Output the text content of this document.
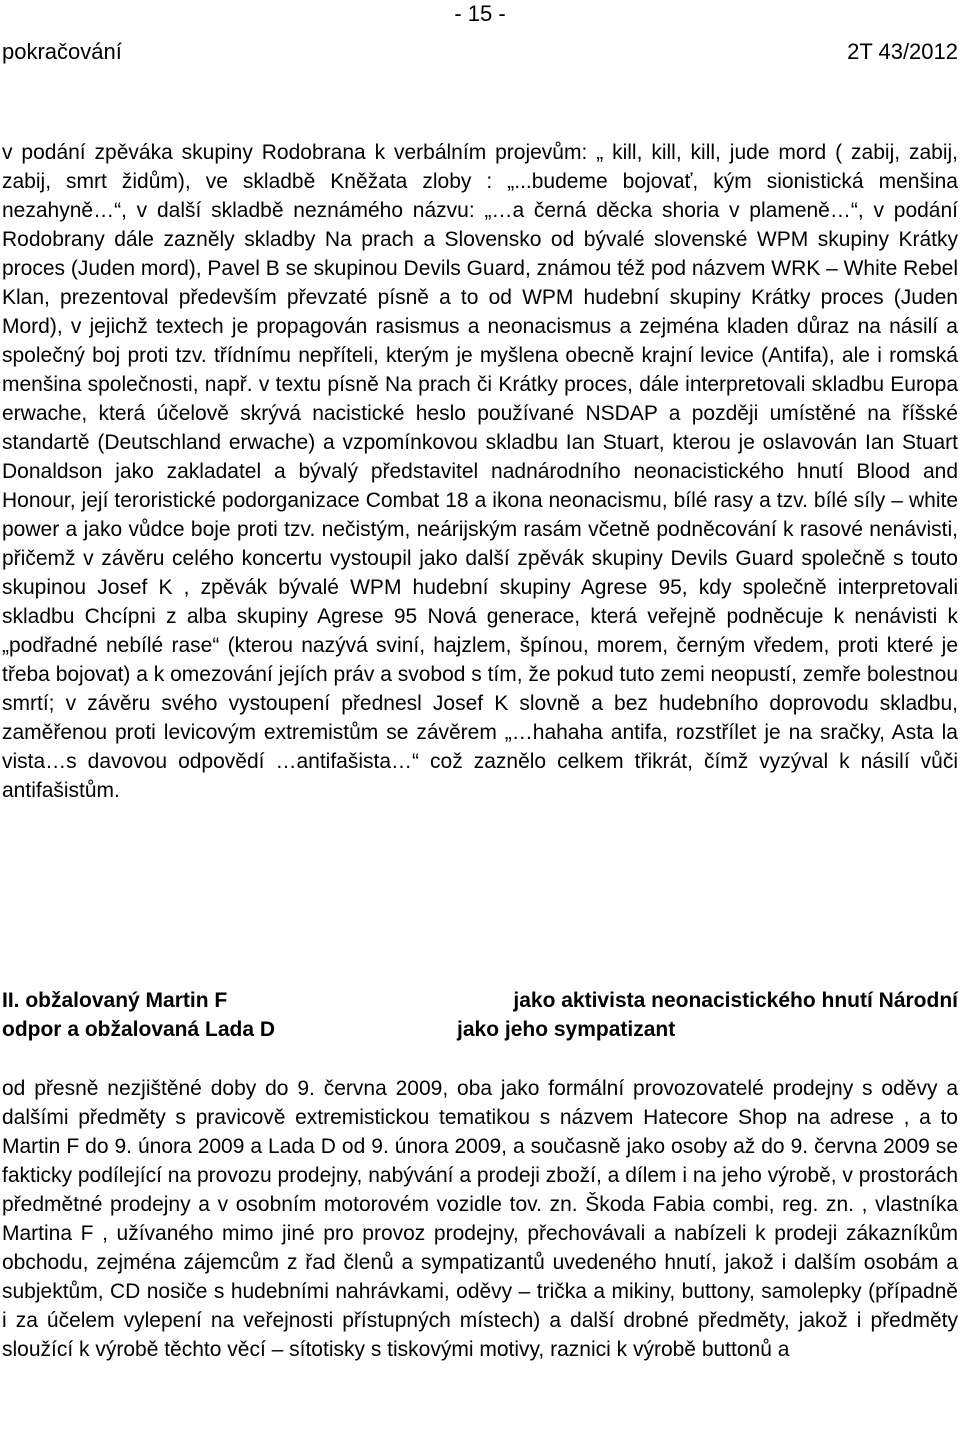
- 15 -
pokračování	2T 43/2012

v podání zpěváka skupiny Rodobrana k verbálním projevům: „ kill, kill, kill, jude mord ( zabij, zabij, zabij, smrt židům), ve skladbě Kněžata zloby : „...budeme bojovať, kým sionistická menšina nezahyně…“, v další skladbě neznámého názvu: „…a černá děcka shoria v plameně…“, v podání Rodobrany dále zazněly skladby Na prach a Slovensko od bývalé slovenské WPM skupiny Krátky proces (Juden mord), Pavel B se skupinou Devils Guard, známou též pod názvem WRK – White Rebel Klan, prezentoval především převzaté písně a to od WPM hudební skupiny Krátky proces (Juden Mord), v jejichž textech je propagován rasismus a neonacismus a zejména kladen důraz na násilí a společný boj proti tzv. třídnímu nepříteli, kterým je myšlena obecně krajní levice (Antifa), ale i romská menšina společnosti, např. v textu písně Na prach či Krátky proces, dále interpretovali skladbu Europa erwache, která účelově skrývá nacistické heslo používané NSDAP a později umístěné na říšské standartě (Deutschland erwache) a vzpomínkovou skladbu Ian Stuart, kterou je oslavován Ian Stuart Donaldson jako zakladatel a bývalý představitel nadnárodního neonacistického hnutí Blood and Honour, její teroristické podorganizace Combat 18 a ikona neonacismu, bílé rasy a tzv. bílé síly – white power a jako vůdce boje proti tzv. nečistým, neárijským rasám včetně podněcování k rasové nenávisti, přičemž v závěru celého koncertu vystoupil jako další zpěvák skupiny Devils Guard společně s touto skupinou Josef K , zpěvák bývalé WPM hudební skupiny Agrese 95, kdy společně interpretovali skladbu Chcípni z alba skupiny Agrese 95 Nová generace, která veřejně podněcuje k nenávisti k „podřadné nebílé rase“ (kterou nazývá sviní, hajzlem, špínou, morem, černým vředem, proti které je třeba bojovat) a k omezování jejích práv a svobod s tím, že pokud tuto zemi neopustí, zemře bolestnou smrtí; v závěru svého vystoupení přednesl Josef K slovně a bez hudebního doprovodu skladbu, zaměřenou proti levicovým extremistům se závěrem „…hahaha antifa, rozstřílet je na sračky, Asta la vista…s davovou odpovědí …antifašista…“ což zaznělo celkem třikrát, čímž vyzýval k násilí vůči antifašistům.

II. obžalovaný Martin F	jako aktivista neonacistického hnutí Národní
odpor a obžalovaná Lada D	jako jeho sympatizant

od přesně nezjištěné doby do 9. června 2009, oba jako formální provozovatelé prodejny s oděvy a dalšími předměty s pravicově extremistickou tematikou s názvem Hatecore Shop na adrese , a to Martin F do 9. února 2009 a Lada D od 9. února 2009, a současně jako osoby až do 9. června 2009 se fakticky podílející na provozu prodejny, nabývání a prodeji zboží, a dílem i na jeho výrobě, v prostorách předmětné prodejny a v osobním motorovém vozidle tov. zn. Škoda Fabia combi, reg. zn. , vlastníka Martina F , užívaného mimo jiné pro provoz prodejny, přechovávali a nabízeli k prodeji zákazníkům obchodu, zejména zájemcům z řad členů a sympatizantů uvedeného hnutí, jakož i dalším osobám a subjektům, CD nosiče s hudebními nahrávkami, oděvy – trička a mikiny, buttony, samolepky (případně i za účelem vylepení na veřejnosti přístupných místech) a další drobné předměty, jakož i předměty sloužící k výrobě těchto věcí – sítotisky s tiskovými motivy, raznici k výrobě buttonů a
